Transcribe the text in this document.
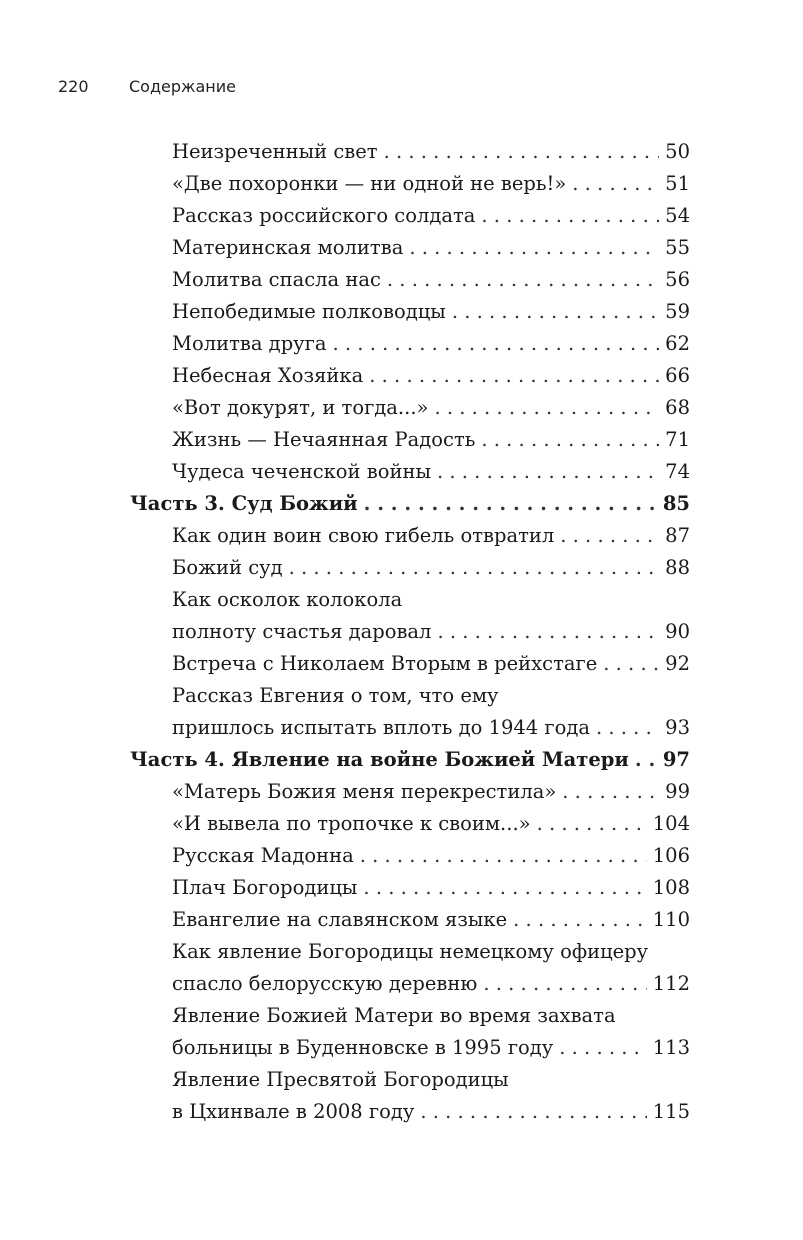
220	Содержание
Неизреченный свет . . .	50
«Две похоронки — ни одной не верь!» . . .	51
Рассказ российского солдата . . .	54
Материнская молитва . . .	55
Молитва спасла нас . . .	56
Непобедимые полководцы . . .	59
Молитва друга . . .	62
Небесная Хозяйка . . .	66
«Вот докурят, и тогда...» . . .	68
Жизнь — Нечаянная Радость . . .	71
Чудеса чеченской войны . . .	74
Часть 3. Суд Божий . . .	85
Как один воин свою гибель отвратил . . .	87
Божий суд . . .	88
Как осколок колокола
полноту счастья даровал . . .	90
Встреча с Николаем Вторым в рейхстаге . . .	92
Рассказ Евгения о том, что ему
пришлось испытать вплоть до 1944 года . . .	93
Часть 4. Явление на войне Божией Матери . . .	97
«Матерь Божия меня перекрестила» . . .	99
«И вывела по тропочке к своим...» . . .	104
Русская Мадонна . . .	106
Плач Богородицы . . .	108
Евангелие на славянском языке . . .	110
Как явление Богородицы немецкому офицеру
спасло белорусскую деревню . . .	112
Явление Божией Матери во время захвата
больницы в Буденновске в 1995 году . . .	113
Явление Пресвятой Богородицы
в Цхинвале в 2008 году . . .	115
